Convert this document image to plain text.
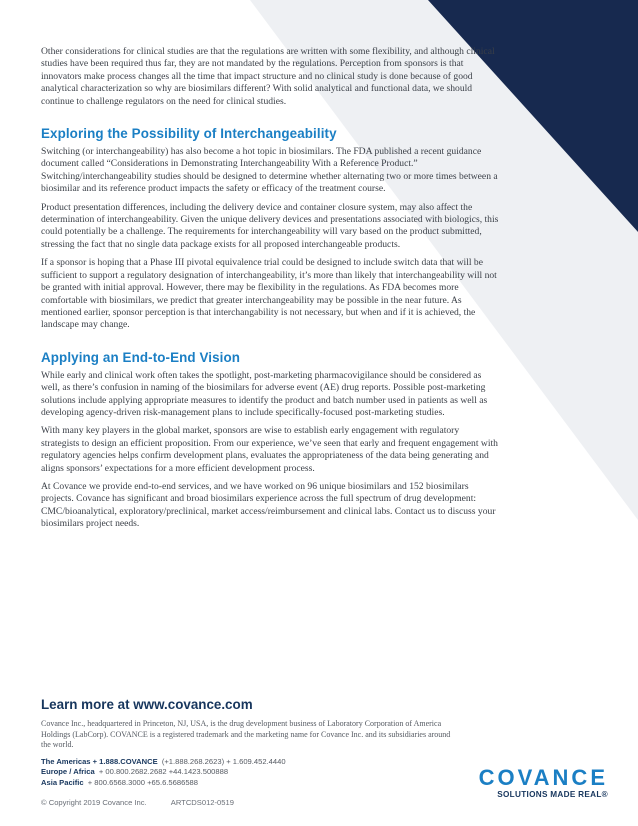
Other considerations for clinical studies are that the regulations are written with some flexibility, and although clinical studies have been required thus far, they are not mandated by the regulations. Perception from sponsors is that innovators make process changes all the time that impact structure and no clinical study is done because of good analytical characterization so why are biosimilars different? With solid analytical and functional data, we should continue to challenge regulators on the need for clinical studies.

Exploring the Possibility of Interchangeability

Switching (or interchangeability) has also become a hot topic in biosimilars. The FDA published a recent guidance document called “Considerations in Demonstrating Interchangeability With a Reference Product.” Switching/interchangeability studies should be designed to determine whether alternating two or more times between a biosimilar and its reference product impacts the safety or efficacy of the treatment course.

Product presentation differences, including the delivery device and container closure system, may also affect the determination of interchangeability. Given the unique delivery devices and presentations associated with biologics, this could potentially be a challenge. The requirements for interchangeability will vary based on the product submitted, stressing the fact that no single data package exists for all proposed interchangeable products.

If a sponsor is hoping that a Phase III pivotal equivalence trial could be designed to include switch data that will be sufficient to support a regulatory designation of interchangeability, it’s more than likely that interchangeability will not be granted with initial approval. However, there may be flexibility in the regulations. As FDA becomes more comfortable with biosimilars, we predict that greater interchangeability may be possible in the near future. As mentioned earlier, sponsor perception is that interchangability is not necessary, but when and if it is achieved, the landscape may change.

Applying an End-to-End Vision

While early and clinical work often takes the spotlight, post-marketing pharmacovigilance should be considered as well, as there’s confusion in naming of the biosimilars for adverse event (AE) drug reports. Possible post-marketing solutions include applying appropriate measures to identify the product and batch number used in patients as well as developing agency-driven risk-management plans to include specifically-focused post-marketing studies.

With many key players in the global market, sponsors are wise to establish early engagement with regulatory strategists to design an efficient proposition. From our experience, we’ve seen that early and frequent engagement with regulatory agencies helps confirm development plans, evaluates the appropriateness of the data being generating and aligns sponsors’ expectations for a more efficient development process.

At Covance we provide end-to-end services, and we have worked on 96 unique biosimilars and 152 biosimilars projects. Covance has significant and broad biosimilars experience across the full spectrum of drug development: CMC/bioanalytical, exploratory/preclinical, market access/reimbursement and clinical labs. Contact us to discuss your biosimilars project needs.

Learn more at www.covance.com

Covance Inc., headquartered in Princeton, NJ, USA, is the drug development business of Laboratory Corporation of America Holdings (LabCorp). COVANCE is a registered trademark and the marketing name for Covance Inc. and its subsidiaries around the world.

The Americas + 1.888.COVANCE (+1.888.268.2623) + 1.609.452.4440

Europe / Africa + 00.800.2682.2682 +44.1423.500888

Asia Pacific + 800.6568.3000 +65.6.5686588

© Copyright 2019 Covance Inc.	ARTCDS012-0519
COVANCE
SOLUTIONS MADE REAL®
